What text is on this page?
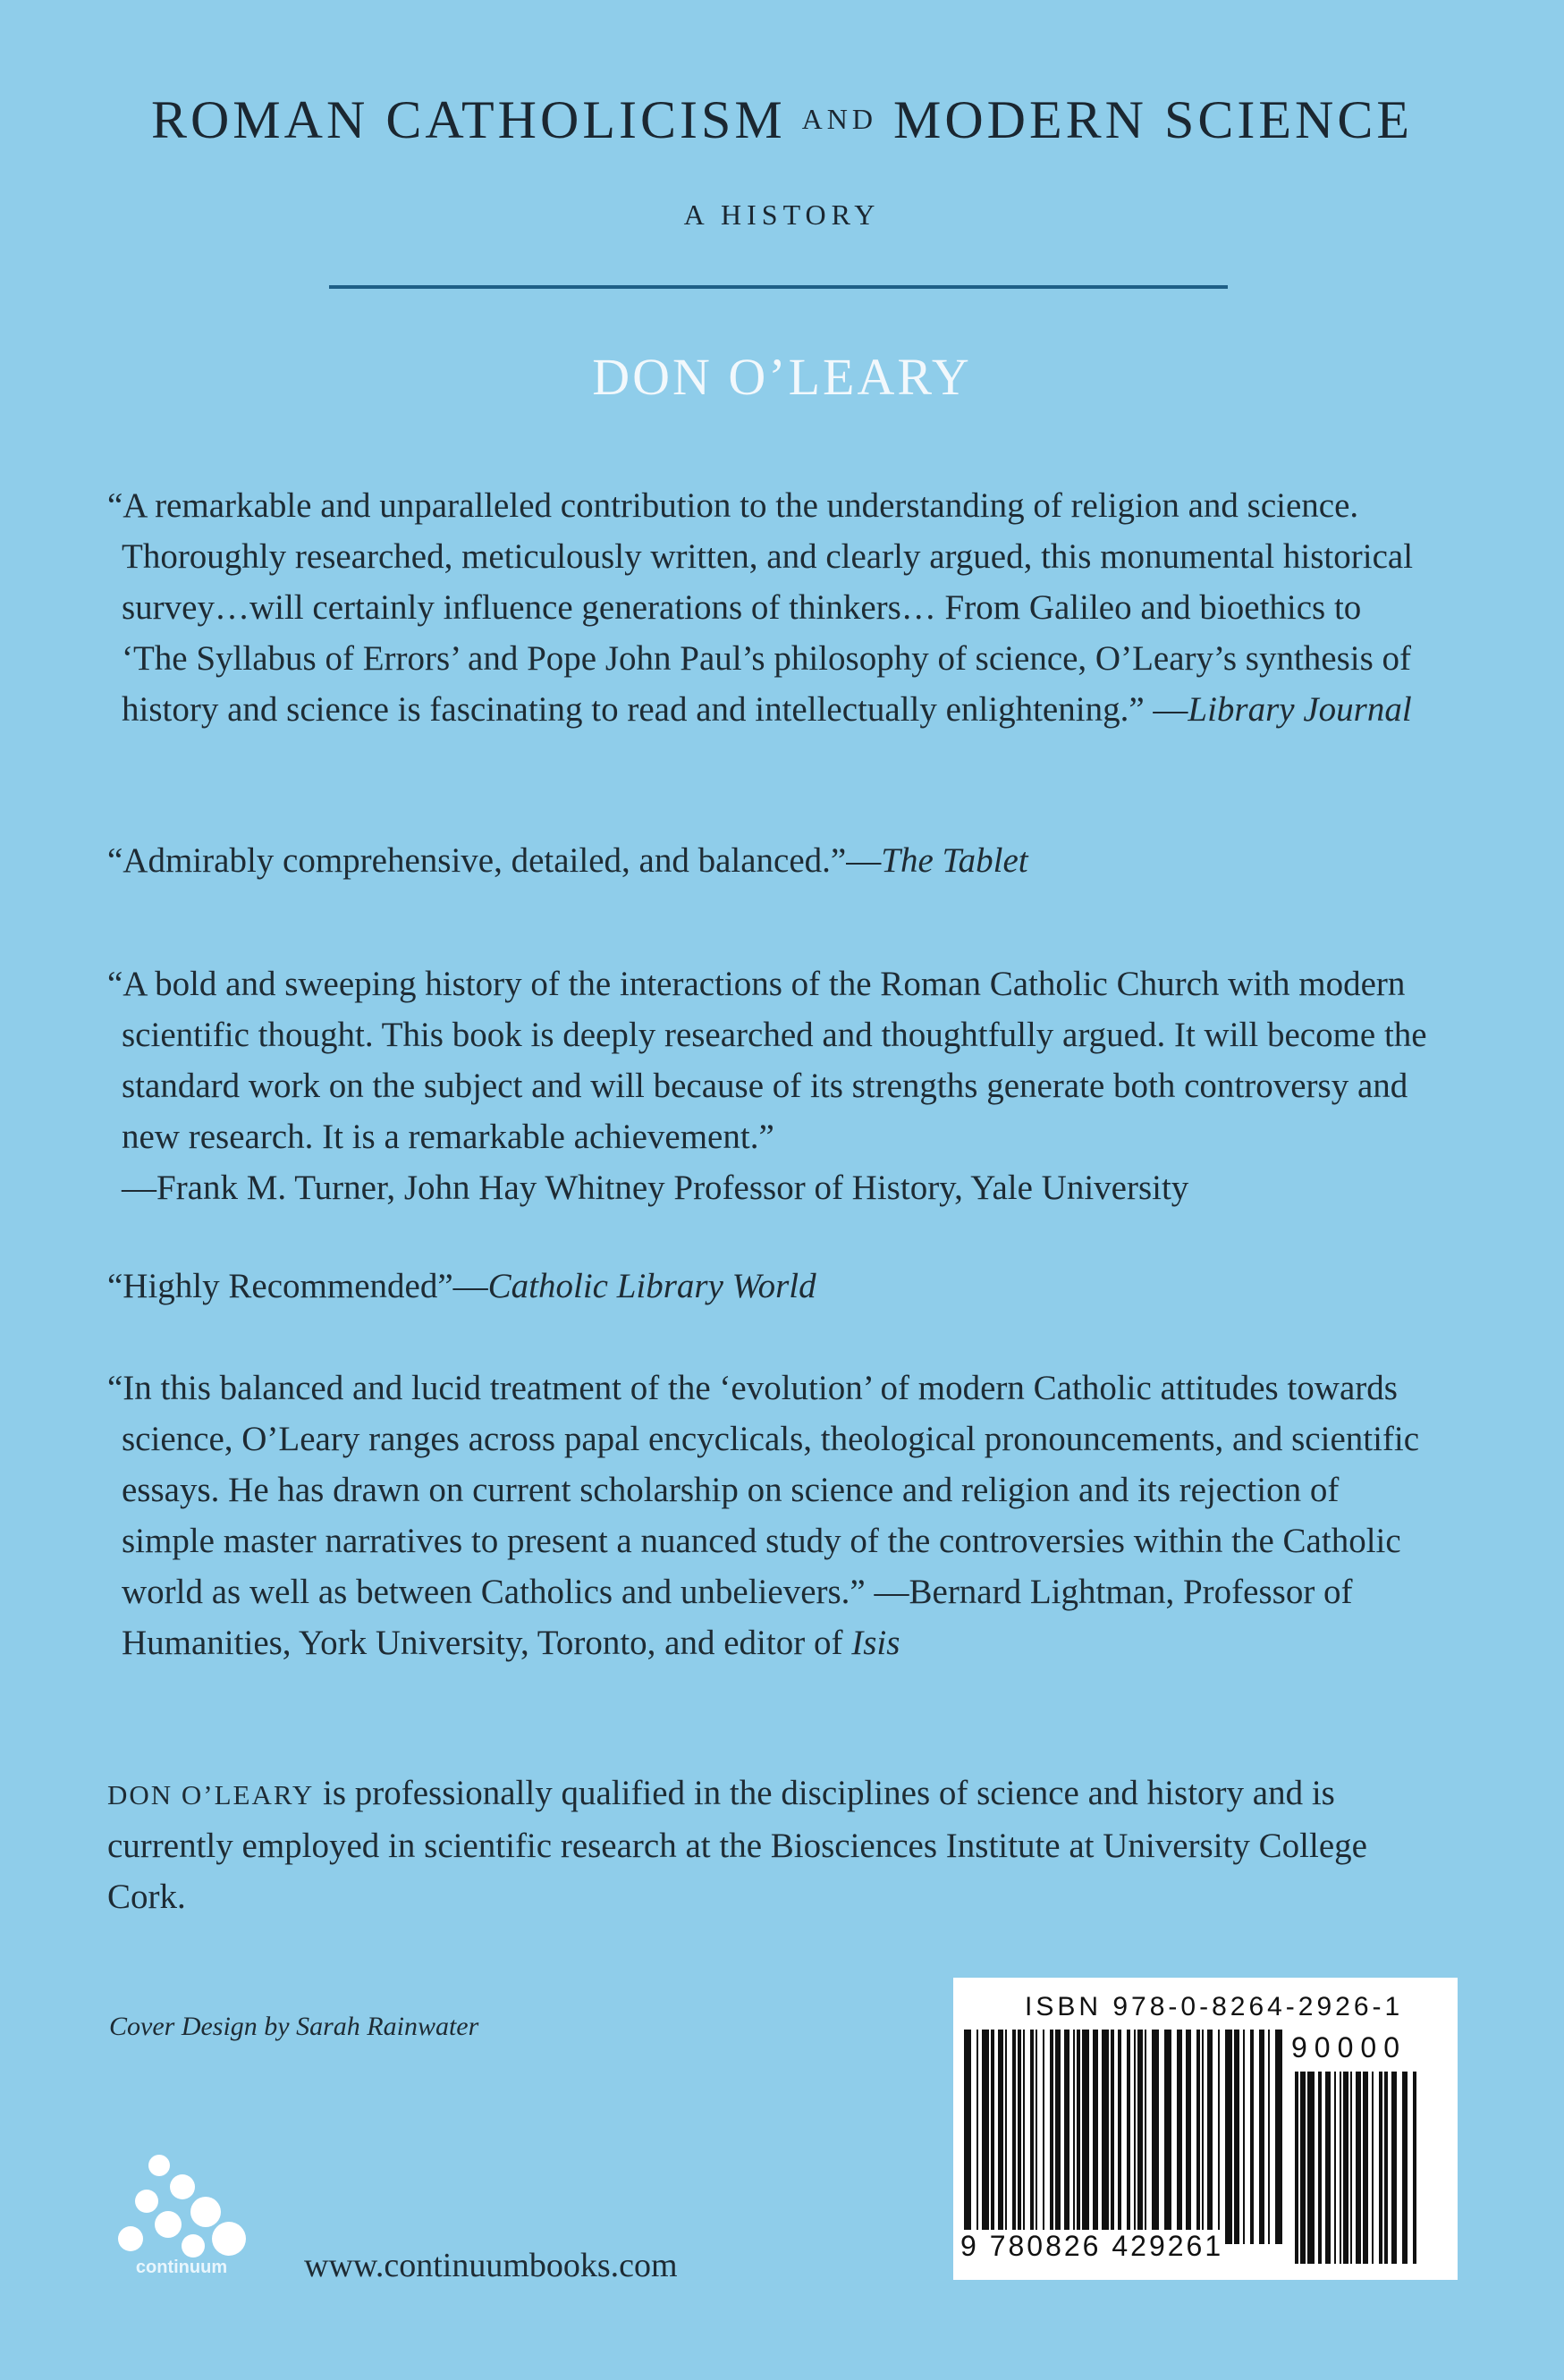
ROMAN CATHOLICISM AND MODERN SCIENCE
A HISTORY
DON O’LEARY
“A remarkable and unparalleled contribution to the understanding of religion and science. Thoroughly researched, meticulously written, and clearly argued, this monumental historical survey…will certainly influence generations of thinkers… From Galileo and bioethics to ‘The Syllabus of Errors’ and Pope John Paul’s philosophy of science, O’Leary’s synthesis of history and science is fascinating to read and intellectually enlightening.” —Library Journal
“Admirably comprehensive, detailed, and balanced.”—The Tablet
“A bold and sweeping history of the interactions of the Roman Catholic Church with modern scientific thought. This book is deeply researched and thoughtfully argued. It will become the standard work on the subject and will because of its strengths generate both controversy and new research. It is a remarkable achievement.”
—Frank M. Turner, John Hay Whitney Professor of History, Yale University
“Highly Recommended”—Catholic Library World
“In this balanced and lucid treatment of the ‘evolution’ of modern Catholic attitudes towards science, O’Leary ranges across papal encyclicals, theological pronouncements, and scientific essays. He has drawn on current scholarship on science and religion and its rejection of simple master narratives to present a nuanced study of the controversies within the Catholic world as well as between Catholics and unbelievers.” —Bernard Lightman, Professor of Humanities, York University, Toronto, and editor of Isis
DON O’LEARY is professionally qualified in the disciplines of science and history and is currently employed in scientific research at the Biosciences Institute at University College Cork.
Cover Design by Sarah Rainwater
continuum	www.continuumbooks.com
ISBN 978-0-8264-2926-1
90000
9 780826 429261
